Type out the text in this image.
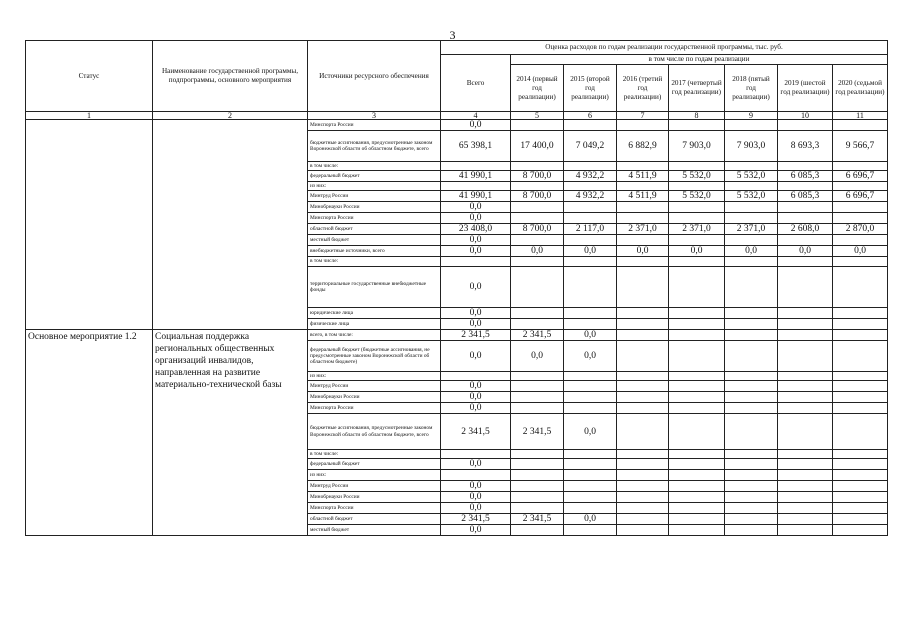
3
Статус	Наименование государственной программы, подпрограммы, основного мероприятия	Источники ресурсного обеспечения	Оценка расходов по годам реализации государственной программы, тыс. руб.							
			Всего	в том числе по годам реализации						
				2014 (первый год реализации)	2015 (второй год реализации)	2016 (третий год реализации)	2017 (четвертый год реализации)	2018 (пятый год реализации)	2019 (шестой год реализации)	2020 (седьмой год реализации)
1	2	3	4	5	6	7	8	9	10	11
		Минспорта России	0,0							
		бюджетные ассигнования, предусмотренные законом Воронежской области об областном бюджете, всего	65 398,1	17 400,0	7 049,2	6 882,9	7 903,0	7 903,0	8 693,3	9 566,7
		в том числе:								
		федеральный бюджет	41 990,1	8 700,0	4 932,2	4 511,9	5 532,0	5 532,0	6 085,3	6 696,7
		из них:								
		Минтруд России	41 990,1	8 700,0	4 932,2	4 511,9	5 532,0	5 532,0	6 085,3	6 696,7
		Минобрнауки России	0,0							
		Минспорта России	0,0							
		областной бюджет	23 408,0	8 700,0	2 117,0	2 371,0	2 371,0	2 371,0	2 608,0	2 870,0
		местный бюджет	0,0							
		внебюджетные источники, всего	0,0	0,0	0,0	0,0	0,0	0,0	0,0	0,0
		в том числе:								
		территориальные государственные внебюджетные фонды	0,0							
		юридические лица	0,0							
		физические лица	0,0							
Основное мероприятие 1.2	Социальная поддержка региональных общественных организаций инвалидов, направленная на развитие материально-технической базы	всего, в том числе:	2 341,5	2 341,5	0,0					
		федеральный бюджет (бюджетные ассигнования, не предусмотренные законом Воронежской области об областном бюджете)	0,0	0,0	0,0					
		из них:								
		Минтруд России	0,0							
		Минобрнауки России	0,0							
		Минспорта России	0,0							
		бюджетные ассигнования, предусмотренные законом Воронежской области об областном бюджете, всего	2 341,5	2 341,5	0,0					
		в том числе:								
		федеральный бюджет	0,0							
		из них:								
		Минтруд России	0,0							
		Минобрнауки России	0,0							
		Минспорта России	0,0							
		областной бюджет	2 341,5	2 341,5	0,0					
		местный бюджет	0,0							
